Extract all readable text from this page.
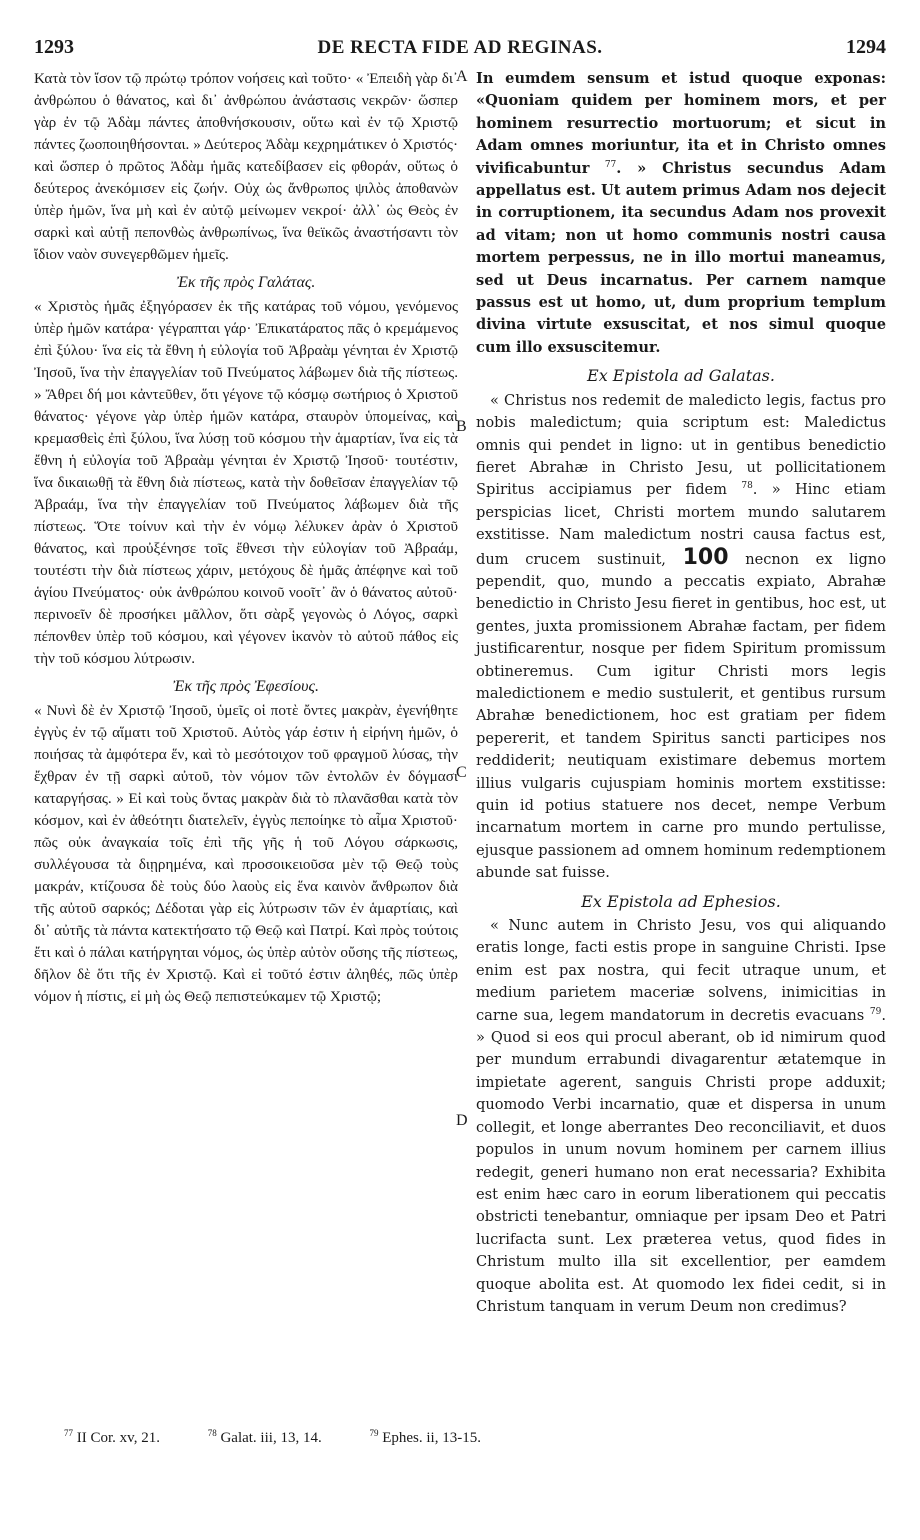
1293	DE RECTA FIDE AD REGINAS.	1294

Κατὰ τὸν ἴσον τῷ πρώτῳ τρόπον νοήσεις καὶ τοῦτο· « Ἐπειδὴ γὰρ δι᾽ ἀνθρώπου ὁ θάνατος, καὶ δι᾽ ἀνθρώπου ἀνάστασις νεκρῶν· ὥσπερ γὰρ ἐν τῷ Ἀδὰμ πάντες ἀποθνήσκουσιν, οὕτω καὶ ἐν τῷ Χριστῷ πάντες ζωοποιηθήσονται. » Δεύτερος Ἀδὰμ κεχρημάτικεν ὁ Χριστός· καὶ ὥσπερ ὁ πρῶτος Ἀδὰμ ἡμᾶς κατεδίβασεν εἰς φθοράν, οὕτως ὁ δεύτερος ἀνεκόμισεν εἰς ζωήν. Οὐχ ὡς ἄνθρωπος ψιλὸς ἀποθανὼν ὑπὲρ ἡμῶν, ἵνα μὴ καὶ ἐν αὐτῷ μείνωμεν νεκροί· ἀλλ᾽ ὡς Θεὸς ἐν σαρκὶ καὶ αὐτῇ πεπονθὼς ἀνθρωπίνως, ἵνα θεϊκῶς ἀναστήσαντι τὸν ἴδιον ναὸν συνεγερθῶμεν ἡμεῖς.

Ἐκ τῆς πρὸς Γαλάτας.

« Χριστὸς ἡμᾶς ἐξηγόρασεν ἐκ τῆς κατάρας τοῦ νόμου, γενόμενος ὑπὲρ ἡμῶν κατάρα· γέγραπται γάρ· Ἐπικατάρατος πᾶς ὁ κρεμάμενος ἐπὶ ξύλου· ἵνα εἰς τὰ ἔθνη ἡ εὐλογία τοῦ Ἀβραὰμ γένηται ἐν Χριστῷ Ἰησοῦ, ἵνα τὴν ἐπαγγελίαν τοῦ Πνεύματος λάβωμεν διὰ τῆς πίστεως. » Ἄθρει δή μοι κἀντεῦθεν, ὅτι γέγονε τῷ κόσμῳ σωτήριος ὁ Χριστοῦ θάνατος· γέγονε γὰρ ὑπὲρ ἡμῶν κατάρα, σταυρὸν ὑπομείνας, καὶ κρεμασθεὶς ἐπὶ ξύλου, ἵνα λύσῃ τοῦ κόσμου τὴν ἁμαρτίαν, ἵνα εἰς τὰ ἔθνη ἡ εὐλογία τοῦ Ἀβραὰμ γένηται ἐν Χριστῷ Ἰησοῦ· τουτέστιν, ἵνα δικαιωθῇ τὰ ἔθνη διὰ πίστεως, κατὰ τὴν δοθεῖσαν ἐπαγγελίαν τῷ Ἀβραάμ, ἵνα τὴν ἐπαγγελίαν τοῦ Πνεύματος λάβωμεν διὰ τῆς πίστεως. Ὅτε τοίνυν καὶ τὴν ἐν νόμῳ λέλυκεν ἀρὰν ὁ Χριστοῦ θάνατος, καὶ προὐξένησε τοῖς ἔθνεσι τὴν εὐλογίαν τοῦ Ἀβραάμ, τουτέστι τὴν διὰ πίστεως χάριν, μετόχους δὲ ἡμᾶς ἀπέφηνε καὶ τοῦ ἁγίου Πνεύματος· οὐκ ἀνθρώπου κοινοῦ νοοῖτ᾽ ἂν ὁ θάνατος αὐτοῦ· περινοεῖν δὲ προσήκει μᾶλλον, ὅτι σὰρξ γεγονὼς ὁ Λόγος, σαρκὶ πέπονθεν ὑπὲρ τοῦ κόσμου, καὶ γέγονεν ἱκανὸν τὸ αὐτοῦ πάθος εἰς τὴν τοῦ κόσμου λύτρωσιν.

Ἐκ τῆς πρὸς Ἐφεσίους.

« Νυνὶ δὲ ἐν Χριστῷ Ἰησοῦ, ὑμεῖς οἱ ποτὲ ὄντες μακρὰν, ἐγενήθητε ἐγγὺς ἐν τῷ αἵματι τοῦ Χριστοῦ. Αὐτὸς γάρ ἐστιν ἡ εἰρήνη ἡμῶν, ὁ ποιήσας τὰ ἀμφότερα ἕν, καὶ τὸ μεσότοιχον τοῦ φραγμοῦ λύσας, τὴν ἔχθραν ἐν τῇ σαρκὶ αὐτοῦ, τὸν νόμον τῶν ἐντολῶν ἐν δόγμασι καταργήσας. » Εἰ καὶ τοὺς ὄντας μακρὰν διὰ τὸ πλανᾶσθαι κατὰ τὸν κόσμον, καὶ ἐν ἀθεότητι διατελεῖν, ἐγγὺς πεποίηκε τὸ αἷμα Χριστοῦ· πῶς οὐκ ἀναγκαία τοῖς ἐπὶ τῆς γῆς ἡ τοῦ Λόγου σάρκωσις, συλλέγουσα τὰ διῃρημένα, καὶ προσοικειοῦσα μὲν τῷ Θεῷ τοὺς μακράν, κτίζουσα δὲ τοὺς δύο λαοὺς εἰς ἕνα καινὸν ἄνθρωπον διὰ τῆς αὐτοῦ σαρκός; Δέδοται γὰρ εἰς λύτρωσιν τῶν ἐν ἁμαρτίαις, καὶ δι᾽ αὐτῆς τὰ πάντα κατεκτήσατο τῷ Θεῷ καὶ Πατρί. Καὶ πρὸς τούτοις ἔτι καὶ ὁ πάλαι κατήργηται νόμος, ὡς ὑπὲρ αὐτὸν οὔσης τῆς πίστεως, δῆλον δὲ ὅτι τῆς ἐν Χριστῷ. Καὶ εἰ τοῦτό ἐστιν ἀληθές, πῶς ὑπὲρ νόμον ἡ πίστις, εἰ μὴ ὡς Θεῷ πεπιστεύκαμεν τῷ Χριστῷ;

A
B
C
D

In eumdem sensum et istud quoque exponas: «Quoniam quidem per hominem mors, et per hominem resurrectio mortuorum; et sicut in Adam omnes moriuntur, ita et in Christo omnes vivificabuntur $^{77}$. » Christus secundus Adam appellatus est. Ut autem primus Adam nos dejecit in corruptionem, ita secundus Adam nos provexit ad vitam; non ut homo communis nostri causa mortem perpessus, ne in illo mortui maneamus, sed ut Deus incarnatus. Per carnem namque passus est ut homo, ut, dum proprium templum divina virtute exsuscitat, et nos simul quoque cum illo exsuscitemur.

Ex Epistola ad Galatas.

« Christus nos redemit de maledicto legis, factus pro nobis maledictum; quia scriptum est: Maledictus omnis qui pendet in ligno: ut in gentibus benedictio fieret Abrahæ in Christo Jesu, ut pollicitationem Spiritus accipiamus per fidem $^{78}$. » Hinc etiam perspicias licet, Christi mortem mundo salutarem exstitisse. Nam maledictum nostri causa factus est, dum crucem sustinuit, 100 necnon ex ligno pependit, quo, mundo a peccatis expiato, Abrahæ benedictio in Christo Jesu fieret in gentibus, hoc est, ut gentes, juxta promissionem Abrahæ factam, per fidem justificarentur, nosque per fidem Spiritum promissum obtineremus. Cum igitur Christi mors legis maledictionem e medio sustulerit, et gentibus rursum Abrahæ benedictionem, hoc est gratiam per fidem pepererit, et tandem Spiritus sancti participes nos reddiderit; neutiquam existimare debemus mortem illius vulgaris cujuspiam hominis mortem exstitisse: quin id potius statuere nos decet, nempe Verbum incarnatum mortem in carne pro mundo pertulisse, ejusque passionem ad omnem hominum redemptionem abunde sat fuisse.

Ex Epistola ad Ephesios.

« Nunc autem in Christo Jesu, vos qui aliquando eratis longe, facti estis prope in sanguine Christi. Ipse enim est pax nostra, qui fecit utraque unum, et medium parietem maceriæ solvens, inimicitias in carne sua, legem mandatorum in decretis evacuans $^{79}$. » Quod si eos qui procul aberant, ob id nimirum quod per mundum errabundi divagarentur ætatemque in impietate agerent, sanguis Christi prope adduxit; quomodo Verbi incarnatio, quæ et dispersa in unum collegit, et longe aberrantes Deo reconciliavit, et duos populos in unum novum hominem per carnem illius redegit, generi humano non erat necessaria? Exhibita est enim hæc caro in eorum liberationem qui peccatis obstricti tenebantur, omniaque per ipsam Deo et Patri lucrifacta sunt. Lex præterea vetus, quod fides in Christum multo illa sit excellentior, per eamdem quoque abolita est. At quomodo lex fidei cedit, si in Christum tanquam in verum Deum non credimus?

$^{77}$ II Cor. xv, 21.	$^{78}$ Galat. iii, 13, 14.	$^{79}$ Ephes. ii, 13-15.
